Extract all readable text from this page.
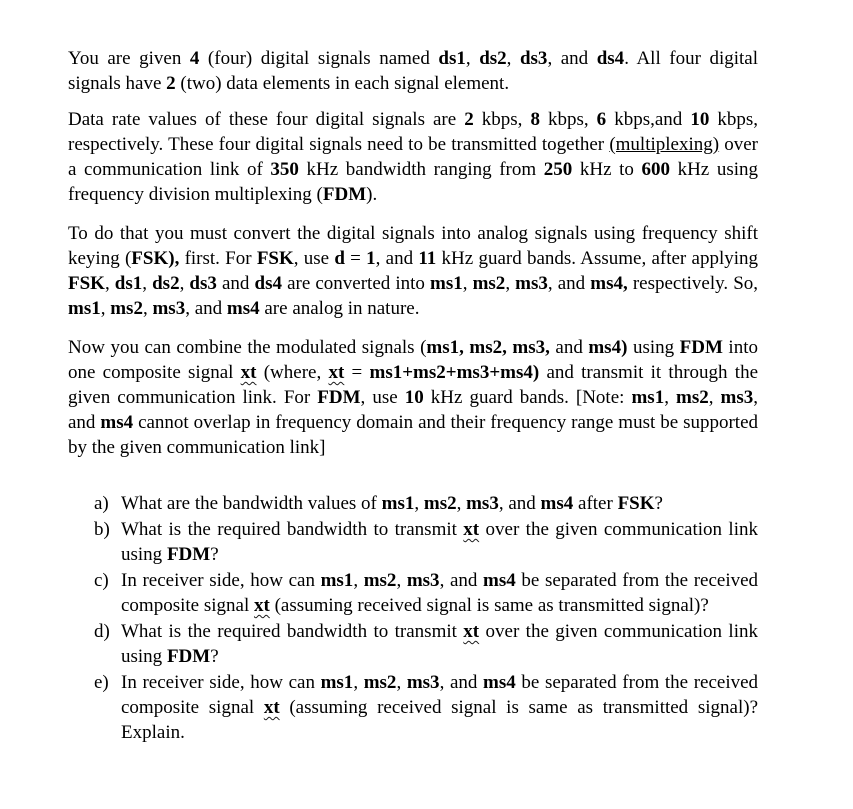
You are given 4 (four) digital signals named ds1, ds2, ds3, and ds4. All four digital signals have 2 (two) data elements in each signal element.

Data rate values of these four digital signals are 2 kbps, 8 kbps, 6 kbps,and 10 kbps, respectively. These four digital signals need to be transmitted together (multiplexing) over a communication link of 350 kHz bandwidth ranging from 250 kHz to 600 kHz using frequency division multiplexing (FDM).

To do that you must convert the digital signals into analog signals using frequency shift keying (FSK), first. For FSK, use d = 1, and 11 kHz guard bands. Assume, after applying FSK, ds1, ds2, ds3 and ds4 are converted into ms1, ms2, ms3, and ms4, respectively. So, ms1, ms2, ms3, and ms4 are analog in nature.

Now you can combine the modulated signals (ms1, ms2, ms3, and ms4) using FDM into one composite signal xt (where, xt = ms1+ms2+ms3+ms4) and transmit it through the given communication link. For FDM, use 10 kHz guard bands. [Note: ms1, ms2, ms3, and ms4 cannot overlap in frequency domain and their frequency range must be supported by the given communication link]

a) What are the bandwidth values of ms1, ms2, ms3, and ms4 after FSK?
b) What is the required bandwidth to transmit xt over the given communication link using FDM?
c) In receiver side, how can ms1, ms2, ms3, and ms4 be separated from the received composite signal xt (assuming received signal is same as transmitted signal)?
d) What is the required bandwidth to transmit xt over the given communication link using FDM?
e) In receiver side, how can ms1, ms2, ms3, and ms4 be separated from the received composite signal xt (assuming received signal is same as transmitted signal)? Explain.
